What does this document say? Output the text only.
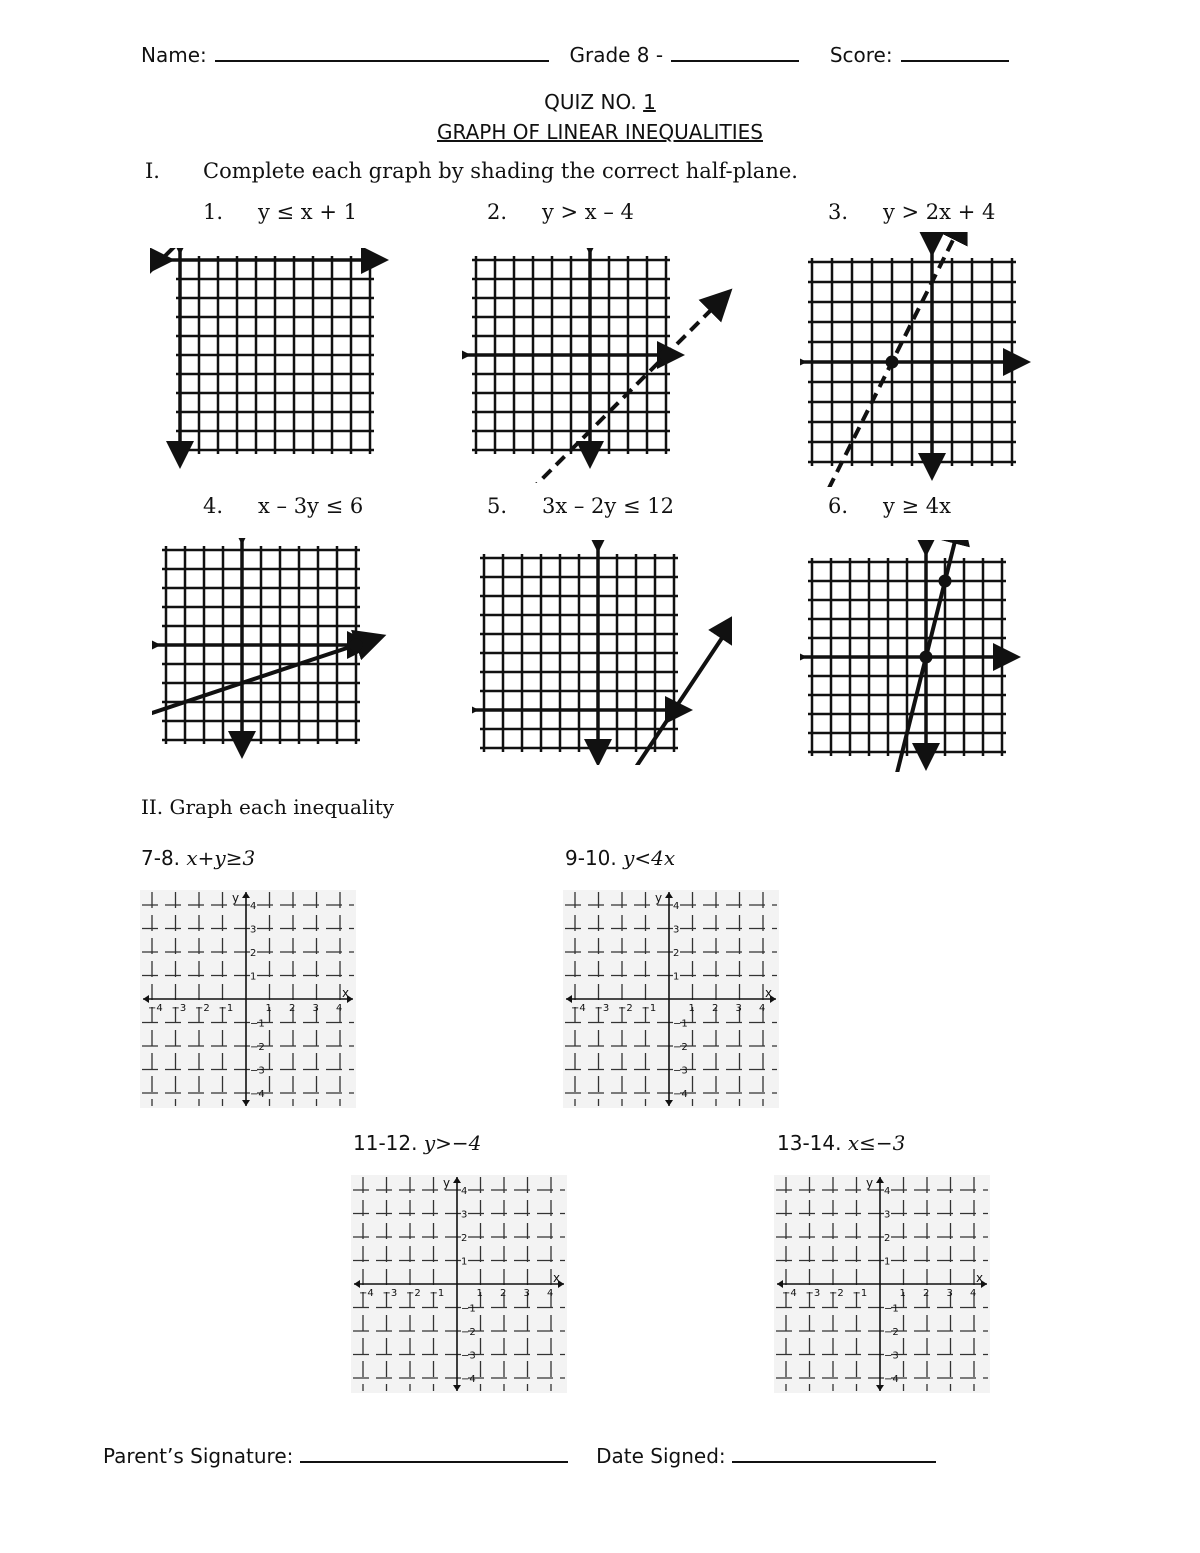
Name:	Grade 8 -	Score:
QUIZ NO. 1
GRAPH OF LINEAR INEQUALITIES
I. Complete each graph by shading the correct half-plane.
1. y ≤ x + 1	2. y > x – 4	3. y > 2x + 4
4. x – 3y ≤ 6	5. 3x – 2y ≤ 12	6. y ≥ 4x
II. Graph each inequality
7-8. x+y≥3	9-10. y<4x
11-12. y>−4	13-14. x≤−3
−4 −3 −2 −1	1 2 3 4
4
3
2
1
−1
−2
−3
−4
x
y
−4 −3 −2 −1	1 2 3 4
4
3
2
1
−1
−2
−3
−4
x
y
−4 −3 −2 −1	1 2 3 4
4
3
2
1
−1
−2
−3
−4
x
y
−4 −3 −2 −1	1 2 3 4
4
3
2
1
−1
−2
−3
−4
x
y
Parent’s Signature:	Date Signed:
